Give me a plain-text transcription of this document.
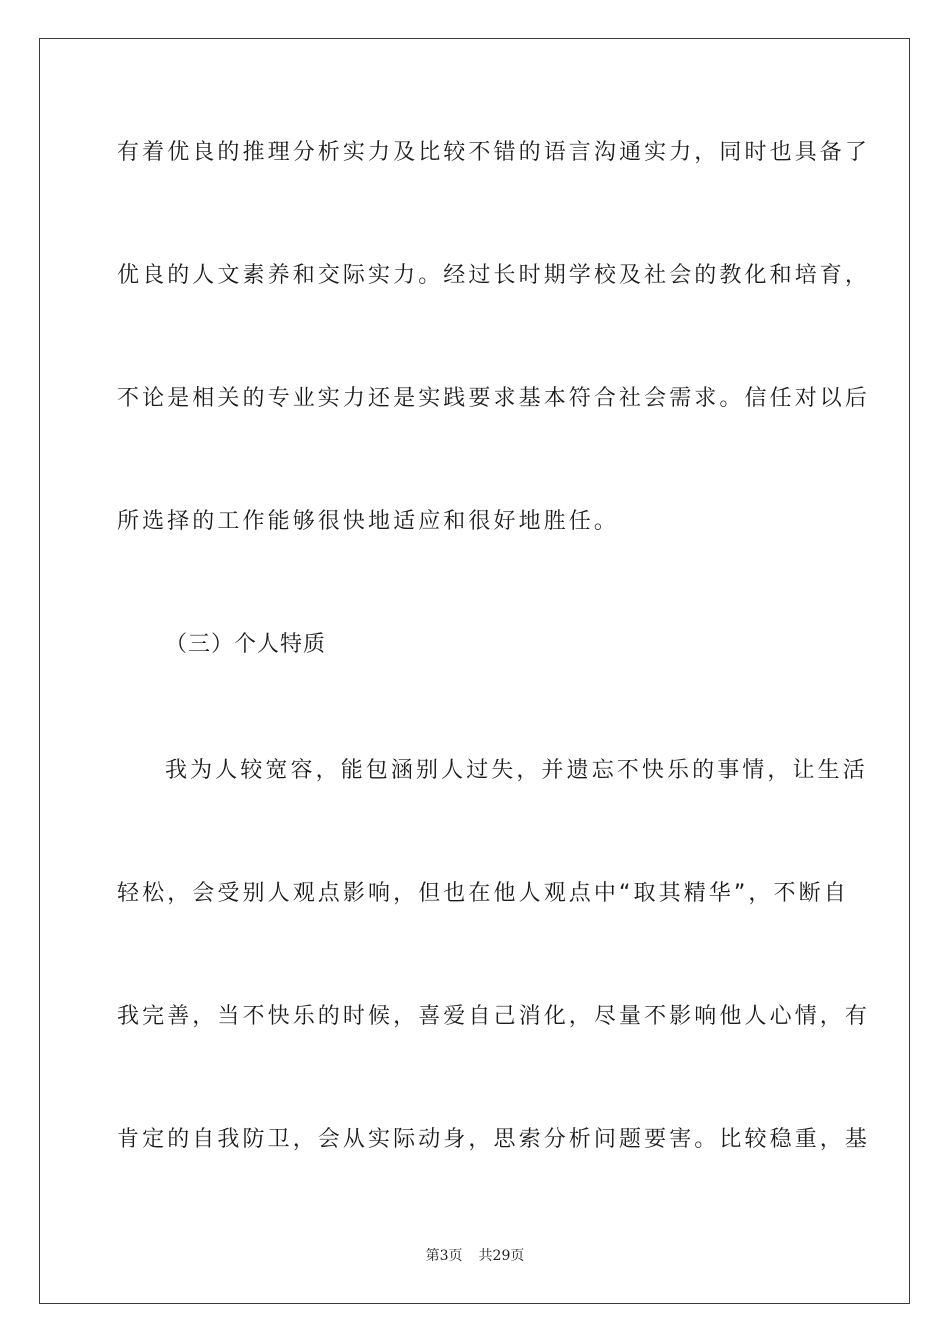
有着优良的推理分析实力及比较不错的语言沟通实力，同时也具备了
优良的人文素养和交际实力。经过长时期学校及社会的教化和培育，
不论是相关的专业实力还是实践要求基本符合社会需求。信任对以后
所选择的工作能够很快地适应和很好地胜任。
（三）个人特质
我为人较宽容，能包涵别人过失，并遗忘不快乐的事情，让生活
轻松，会受别人观点影响，但也在他人观点中“取其精华”，不断自
我完善，当不快乐的时候，喜爱自己消化，尽量不影响他人心情，有
肯定的自我防卫，会从实际动身，思索分析问题要害。比较稳重，基
第3页 共29页
